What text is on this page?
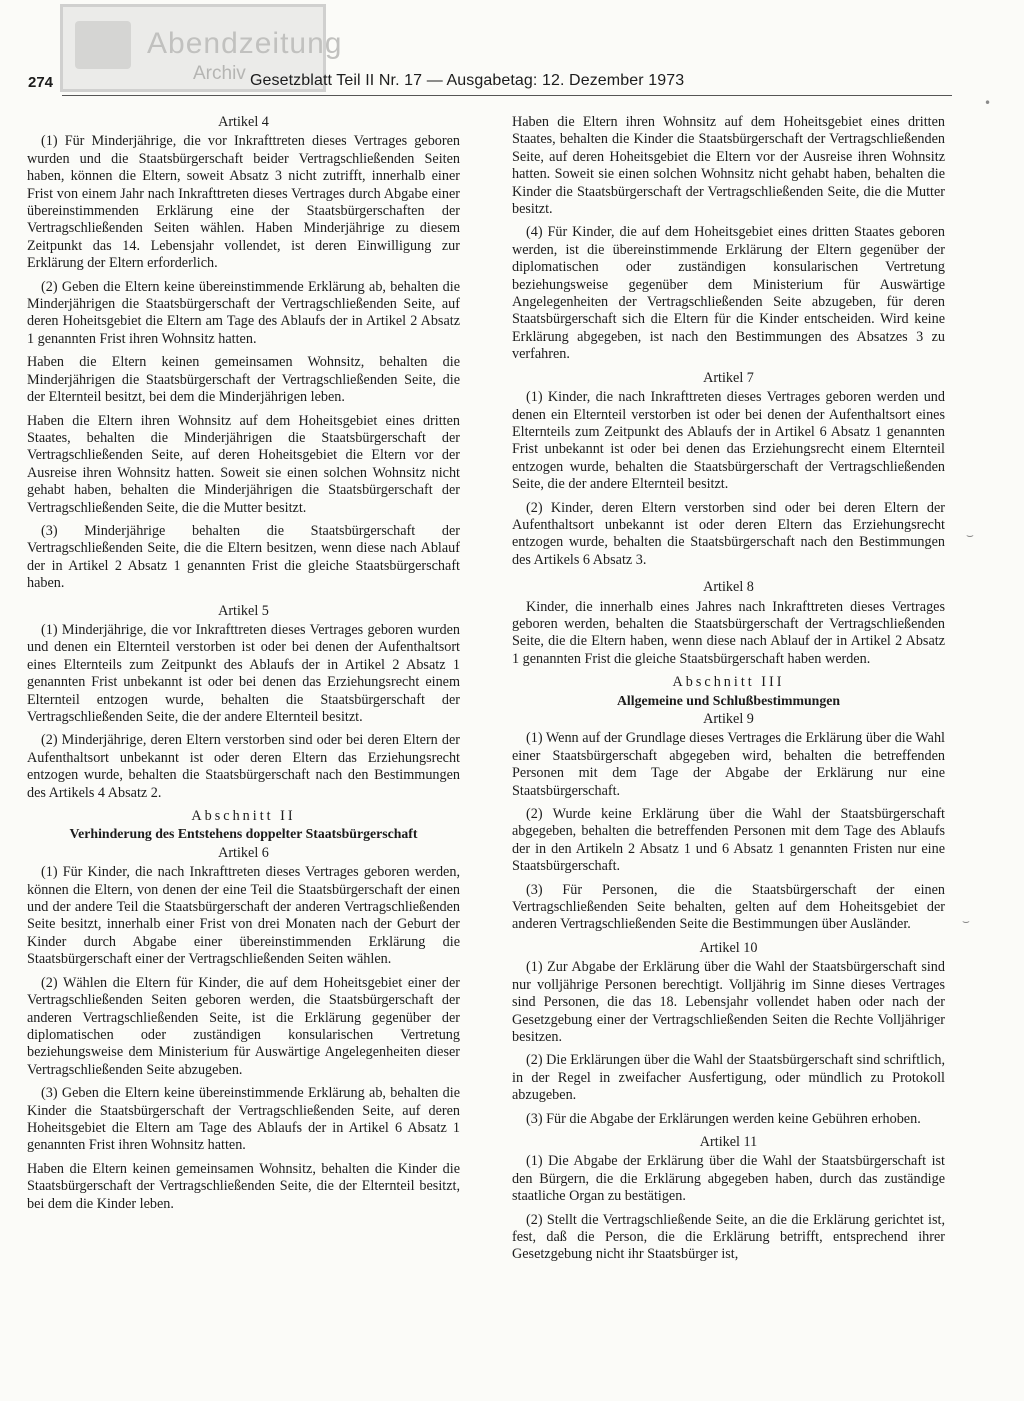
Abendzeitung
Archiv
274	Gesetzblatt Teil II Nr. 17 — Ausgabetag: 12. Dezember 1973
Artikel 4

(1) Für Minderjährige, die vor Inkrafttreten dieses Vertrages geboren wurden und die Staatsbürgerschaft beider Vertragschließenden Seiten haben, können die Eltern, soweit Absatz 3 nicht zutrifft, innerhalb einer Frist von einem Jahr nach Inkrafttreten dieses Vertrages durch Abgabe einer übereinstimmenden Erklärung eine der Staatsbürgerschaften der Vertragschließenden Seiten wählen. Haben Minderjährige zu diesem Zeitpunkt das 14. Lebensjahr vollendet, ist deren Einwilligung zur Erklärung der Eltern erforderlich.

(2) Geben die Eltern keine übereinstimmende Erklärung ab, behalten die Minderjährigen die Staatsbürgerschaft der Vertragschließenden Seite, auf deren Hoheitsgebiet die Eltern am Tage des Ablaufs der in Artikel 2 Absatz 1 genannten Frist ihren Wohnsitz hatten.

Haben die Eltern keinen gemeinsamen Wohnsitz, behalten die Minderjährigen die Staatsbürgerschaft der Vertragschließenden Seite, die der Elternteil besitzt, bei dem die Minderjährigen leben.

Haben die Eltern ihren Wohnsitz auf dem Hoheitsgebiet eines dritten Staates, behalten die Minderjährigen die Staatsbürgerschaft der Vertragschließenden Seite, auf deren Hoheitsgebiet die Eltern vor der Ausreise ihren Wohnsitz hatten. Soweit sie einen solchen Wohnsitz nicht gehabt haben, behalten die Minderjährigen die Staatsbürgerschaft der Vertragschließenden Seite, die die Mutter besitzt.

(3) Minderjährige behalten die Staatsbürgerschaft der Vertragschließenden Seite, die die Eltern besitzen, wenn diese nach Ablauf der in Artikel 2 Absatz 1 genannten Frist die gleiche Staatsbürgerschaft haben.

Artikel 5

(1) Minderjährige, die vor Inkrafttreten dieses Vertrages geboren wurden und denen ein Elternteil verstorben ist oder bei denen der Aufenthaltsort eines Elternteils zum Zeitpunkt des Ablaufs der in Artikel 2 Absatz 1 genannten Frist unbekannt ist oder bei denen das Erziehungsrecht einem Elternteil entzogen wurde, behalten die Staatsbürgerschaft der Vertragschließenden Seite, die der andere Elternteil besitzt.

(2) Minderjährige, deren Eltern verstorben sind oder bei deren Eltern der Aufenthaltsort unbekannt ist oder deren Eltern das Erziehungsrecht entzogen wurde, behalten die Staatsbürgerschaft nach den Bestimmungen des Artikels 4 Absatz 2.

Abschnitt II
Verhinderung des Entstehens doppelter Staatsbürgerschaft
Artikel 6

(1) Für Kinder, die nach Inkrafttreten dieses Vertrages geboren werden, können die Eltern, von denen der eine Teil die Staatsbürgerschaft der einen und der andere Teil die Staatsbürgerschaft der anderen Vertragschließenden Seite besitzt, innerhalb einer Frist von drei Monaten nach der Geburt der Kinder durch Abgabe einer übereinstimmenden Erklärung die Staatsbürgerschaft einer der Vertragschließenden Seiten wählen.

(2) Wählen die Eltern für Kinder, die auf dem Hoheitsgebiet einer der Vertragschließenden Seiten geboren werden, die Staatsbürgerschaft der anderen Vertragschließenden Seite, ist die Erklärung gegenüber der diplomatischen oder zuständigen konsularischen Vertretung beziehungsweise dem Ministerium für Auswärtige Angelegenheiten dieser Vertragschließenden Seite abzugeben.

(3) Geben die Eltern keine übereinstimmende Erklärung ab, behalten die Kinder die Staatsbürgerschaft der Vertragschließenden Seite, auf deren Hoheitsgebiet die Eltern am Tage des Ablaufs der in Artikel 6 Absatz 1 genannten Frist ihren Wohnsitz hatten.

Haben die Eltern keinen gemeinsamen Wohnsitz, behalten die Kinder die Staatsbürgerschaft der Vertragschließenden Seite, die der Elternteil besitzt, bei dem die Kinder leben.

Haben die Eltern ihren Wohnsitz auf dem Hoheitsgebiet eines dritten Staates, behalten die Kinder die Staatsbürgerschaft der Vertragschließenden Seite, auf deren Hoheitsgebiet die Eltern vor der Ausreise ihren Wohnsitz hatten. Soweit sie einen solchen Wohnsitz nicht gehabt haben, behalten die Kinder die Staatsbürgerschaft der Vertragschließenden Seite, die die Mutter besitzt.

(4) Für Kinder, die auf dem Hoheitsgebiet eines dritten Staates geboren werden, ist die übereinstimmende Erklärung der Eltern gegenüber der diplomatischen oder zuständigen konsularischen Vertretung beziehungsweise gegenüber dem Ministerium für Auswärtige Angelegenheiten der Vertragschließenden Seite abzugeben, für deren Staatsbürgerschaft sich die Eltern für die Kinder entscheiden. Wird keine Erklärung abgegeben, ist nach den Bestimmungen des Absatzes 3 zu verfahren.

Artikel 7

(1) Kinder, die nach Inkrafttreten dieses Vertrages geboren werden und denen ein Elternteil verstorben ist oder bei denen der Aufenthaltsort eines Elternteils zum Zeitpunkt des Ablaufs der in Artikel 6 Absatz 1 genannten Frist unbekannt ist oder bei denen das Erziehungsrecht einem Elternteil entzogen wurde, behalten die Staatsbürgerschaft der Vertragschließenden Seite, die der andere Elternteil besitzt.

(2) Kinder, deren Eltern verstorben sind oder bei deren Eltern der Aufenthaltsort unbekannt ist oder deren Eltern das Erziehungsrecht entzogen wurde, behalten die Staatsbürgerschaft nach den Bestimmungen des Artikels 6 Absatz 3.

Artikel 8

Kinder, die innerhalb eines Jahres nach Inkrafttreten dieses Vertrages geboren werden, behalten die Staatsbürgerschaft der Vertragschließenden Seite, die die Eltern haben, wenn diese nach Ablauf der in Artikel 2 Absatz 1 genannten Frist die gleiche Staatsbürgerschaft haben werden.

Abschnitt III
Allgemeine und Schlußbestimmungen
Artikel 9

(1) Wenn auf der Grundlage dieses Vertrages die Erklärung über die Wahl einer Staatsbürgerschaft abgegeben wird, behalten die betreffenden Personen mit dem Tage der Abgabe der Erklärung nur eine Staatsbürgerschaft.

(2) Wurde keine Erklärung über die Wahl der Staatsbürgerschaft abgegeben, behalten die betreffenden Personen mit dem Tage des Ablaufs der in den Artikeln 2 Absatz 1 und 6 Absatz 1 genannten Fristen nur eine Staatsbürgerschaft.

(3) Für Personen, die die Staatsbürgerschaft der einen Vertragschließenden Seite behalten, gelten auf dem Hoheitsgebiet der anderen Vertragschließenden Seite die Bestimmungen über Ausländer.

Artikel 10

(1) Zur Abgabe der Erklärung über die Wahl der Staatsbürgerschaft sind nur volljährige Personen berechtigt. Volljährig im Sinne dieses Vertrages sind Personen, die das 18. Lebensjahr vollendet haben oder nach der Gesetzgebung einer der Vertragschließenden Seiten die Rechte Volljähriger besitzen.

(2) Die Erklärungen über die Wahl der Staatsbürgerschaft sind schriftlich, in der Regel in zweifacher Ausfertigung, oder mündlich zu Protokoll abzugeben.

(3) Für die Abgabe der Erklärungen werden keine Gebühren erhoben.

Artikel 11

(1) Die Abgabe der Erklärung über die Wahl der Staatsbürgerschaft ist den Bürgern, die die Erklärung abgegeben haben, durch das zuständige staatliche Organ zu bestätigen.

(2) Stellt die Vertragschließende Seite, an die die Erklärung gerichtet ist, fest, daß die Person, die die Erklärung betrifft, entsprechend ihrer Gesetzgebung nicht ihr Staatsbürger ist,

•
⌣
⌣
